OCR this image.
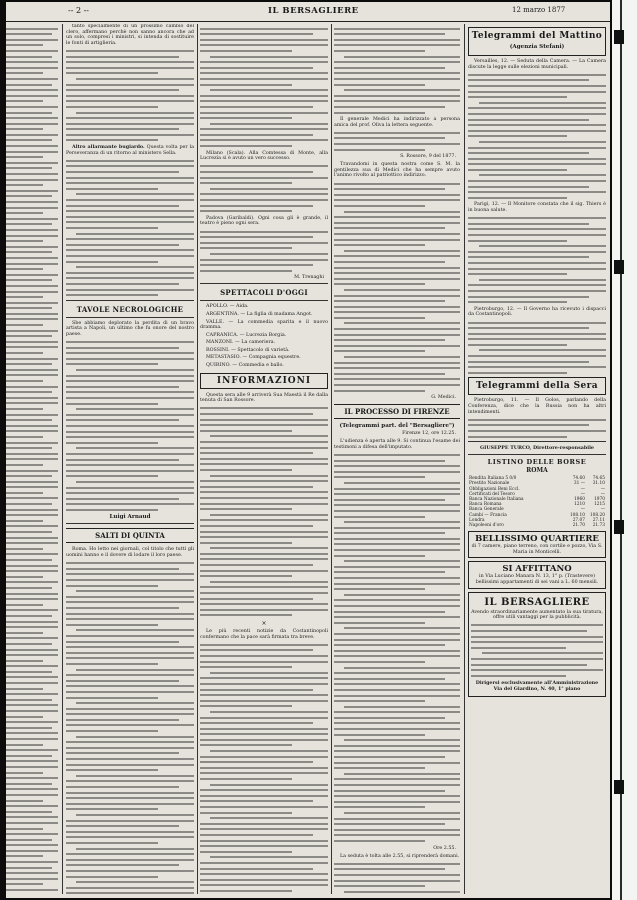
-- 2 --	IL BERSAGLIERE	12 marzo 1877

tanto specialmente di un prossimo cambio del clero, affermano perchè non sanno ancora che ad un solo, compresi i ministri, si intenda di sostituire le fonti di artiglieria.

Altro allarmante bugiardo. Questa volta per la Perseveranza di un ritorno al ministero Sella.

TAVOLE NECROLOGICHE

Sbe abbiamo deplorato la perdita di un bravo artista a Napoli, un ultimo che fu onore del nostro paese.

Luigi Arnaud
SALTI DI QUINTA

Roma. Ho letto nei giornali, col titolo che tutti gli uomini hanno e il dovere di lodare il loro paese.

Milano (Scala). Alla Comtessa di Monte, alla Lucrezia si è avuto un vero successo.

Padova (Garibaldi). Ogni cosa gli è grande, il teatro è pieno ogni sera.

M. Trenaghi
SPETTACOLI D'OGGI

APOLLO. — Aida.

ARGENTINA. — La figlia di madama Angot.

VALLE. — La commedia sparita e il nuovo dramma.

CAPRANICA. — Lucrezia Borgia.

MANZONI. — La cameriera.

ROSSINI. — Spettacolo di varietà.

METASTASIO. — Compagnia equestre.

QUIRINO. — Commedia e ballo.

INFORMAZIONI

Questa sera alle 9 arriverà Sua Maestà il Re dalla tenuta di San Rossore.

×

Le più recenti notizie da Costantinopoli confermano che la pace sarà firmata tra breve.

Il generale Medici ha indirizzato a persona amica del prof. Oliva la lettera seguente.

S. Rossore, 9 del 1877.

Travandomi in questa nostra come S. M. la gentilezza sua di Medici che ha sempre avuto l'animo rivolto al patriottico indirizzo.

G. Medici.
IL PROCESSO DI FIRENZE
(Telegrammi part. del "Bersagliere")
Firenze 12, ore 12.25.

L'udienza è aperta alle 9. Si continua l'esame dei testimoni a difesa dell'imputato.

Ore 2.55.

La seduta è tolta alle 2.55, si riprenderà domani.

Telegrammi del Mattino
(Agenzia Stefani)

Versailles, 12. — Seduta della Camera. — La Camera discute la legge sulle elezioni municipali.

Parigi, 12. — Il Monitore constata che il sig. Thiers è in buona salute.

Pietroburgo, 12. — Il Governo ha ricevuto i dispacci da Costantinopoli.

Telegrammi della Sera

Pietroburgo, 11. — Il Golos, parlando della Conferenza, dice che la Russia non ha altri intendimenti.

GIUSEPPE TURCO, Direttore-responsabile
LISTINO DELLE BORSE
ROMA
Rendita Italiana 5 0/0	74.60	74.65
Prestito Nazionale	31 —	31.10
Obbligazioni Beni Eccl.	—	—
Certificati del Tesoro	—	—
Banca Nazionale Italiana	1960	1970
Banca Romana	1210	1215
Banca Generale	—	—
Cambi — Francia	108.10	108.20
Londra	27.07	27.11
Napoleoni d'oro	21.70	21.73
BELLISSIMO QUARTIERE
di 7 camere, piano terreno, con cortile e pozzo, Via S. Maria in Monticelli.
SI AFFITTANO
in Via Luciano Manara N. 13, 1° p. (Trastevere) bellissimi appartamenti di sei vani a L. 60 mensili.
IL BERSAGLIERE
Avendo straordinariamente aumentato la sua tiratura, offre utili vantaggi per la pubblicità.
Dirigersi esclusivamente all'Amministrazione Via del Giardino, N. 40, 1° piano
